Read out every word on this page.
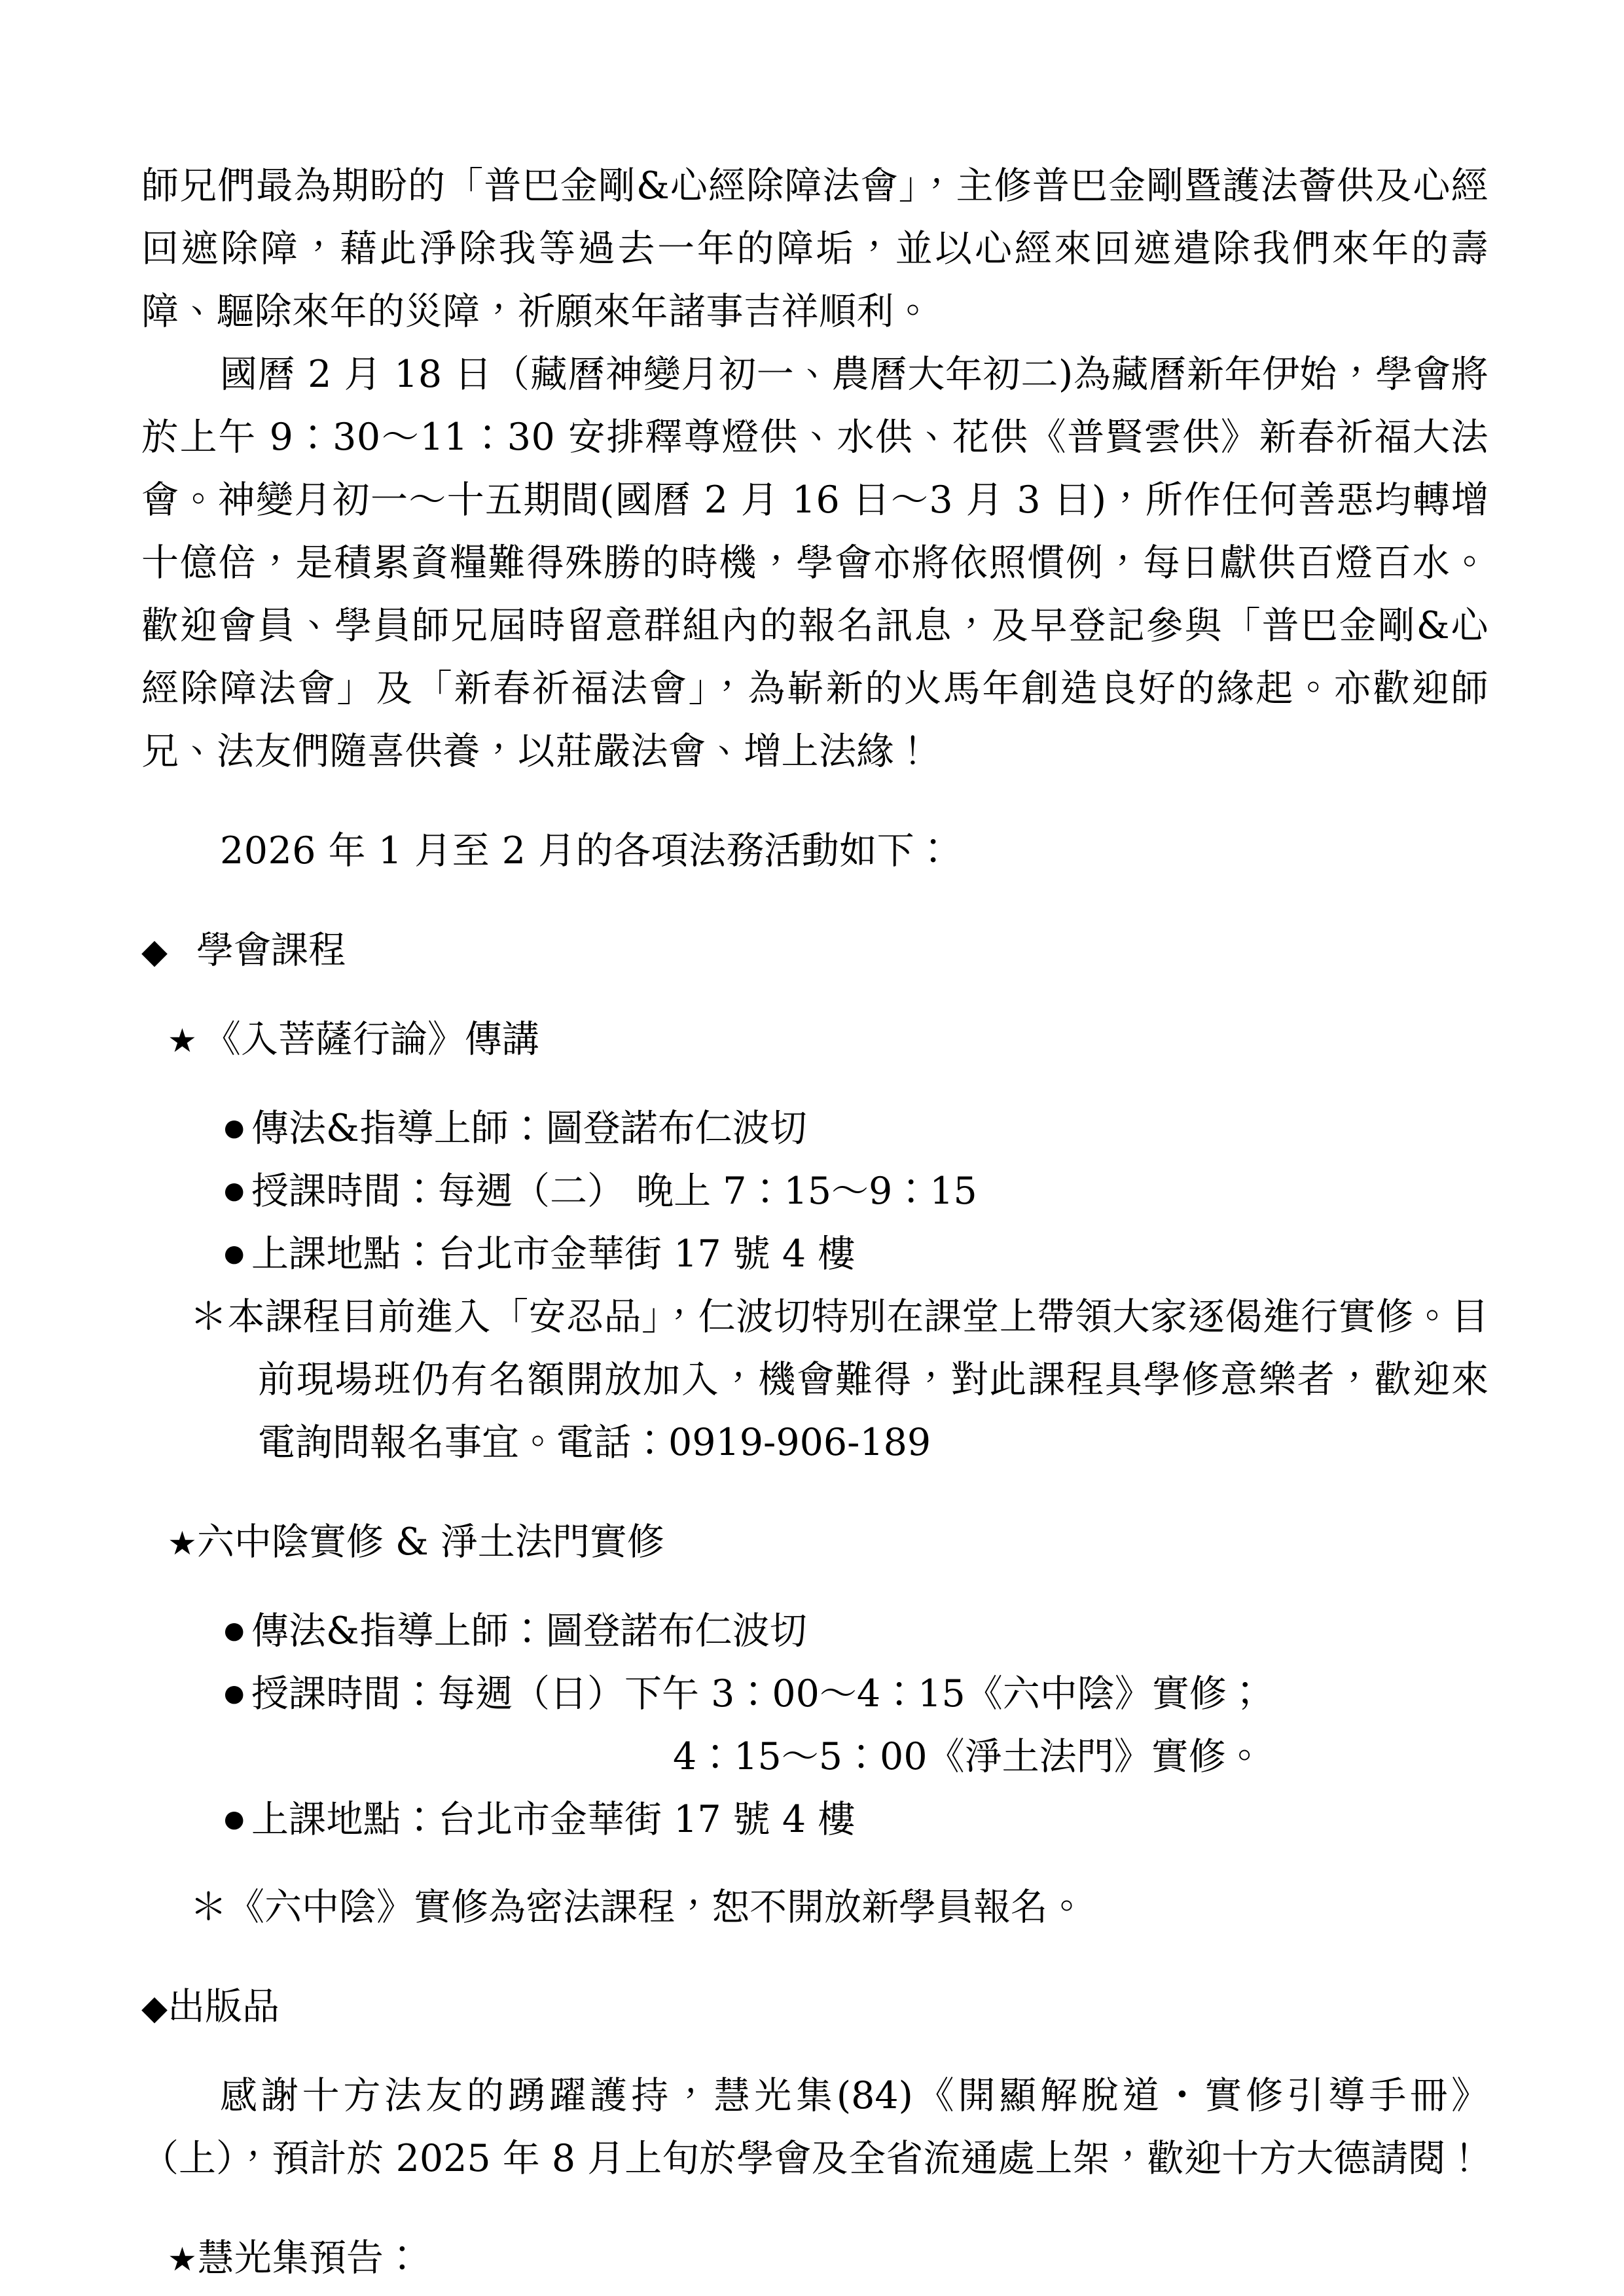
師兄們最為期盼的「普巴金剛&心經除障法會」，主修普巴金剛暨護法薈供及心經回遮除障，藉此淨除我等過去一年的障垢，並以心經來回遮遣除我們來年的壽障、驅除來年的災障，祈願來年諸事吉祥順利。

國曆 2 月 18 日（藏曆神變月初一、農曆大年初二)為藏曆新年伊始，學會將於上午 9：30～11：30 安排釋尊燈供、水供、花供《普賢雲供》新春祈福大法會。神變月初一～十五期間(國曆 2 月 16 日～3 月 3 日)，所作任何善惡均轉增十億倍，是積累資糧難得殊勝的時機，學會亦將依照慣例，每日獻供百燈百水。歡迎會員、學員師兄屆時留意群組內的報名訊息，及早登記參與「普巴金剛&心經除障法會」及「新春祈福法會」，為嶄新的火馬年創造良好的緣起。亦歡迎師兄、法友們隨喜供養，以莊嚴法會、增上法緣！

2026 年 1 月至 2 月的各項法務活動如下：

◆ 學會課程
★ 《入菩薩行論》傳講
● 傳法&指導上師：圖登諾布仁波切
● 授課時間：每週（二） 晚上 7：15～9：15
● 上課地點：台北市金華街 17 號 4 樓

＊本課程目前進入「安忍品」，仁波切特別在課堂上帶領大家逐偈進行實修。目前現場班仍有名額開放加入，機會難得，對此課程具學修意樂者，歡迎來電詢問報名事宜。電話：0919-906-189

★ 六中陰實修 & 淨土法門實修
● 傳法&指導上師：圖登諾布仁波切
● 授課時間：每週（日）下午 3：00～4：15《六中陰》實修；
4：15～5：00《淨土法門》實修。
● 上課地點：台北市金華街 17 號 4 樓

＊《六中陰》實修為密法課程，恕不開放新學員報名。

◆ 出版品

感謝十方法友的踴躍護持，慧光集(84)《開顯解脫道・實修引導手冊》（上），預計於 2025 年 8 月上旬於學會及全省流通處上架，歡迎十方大德請閱！

★ 慧光集預告：
